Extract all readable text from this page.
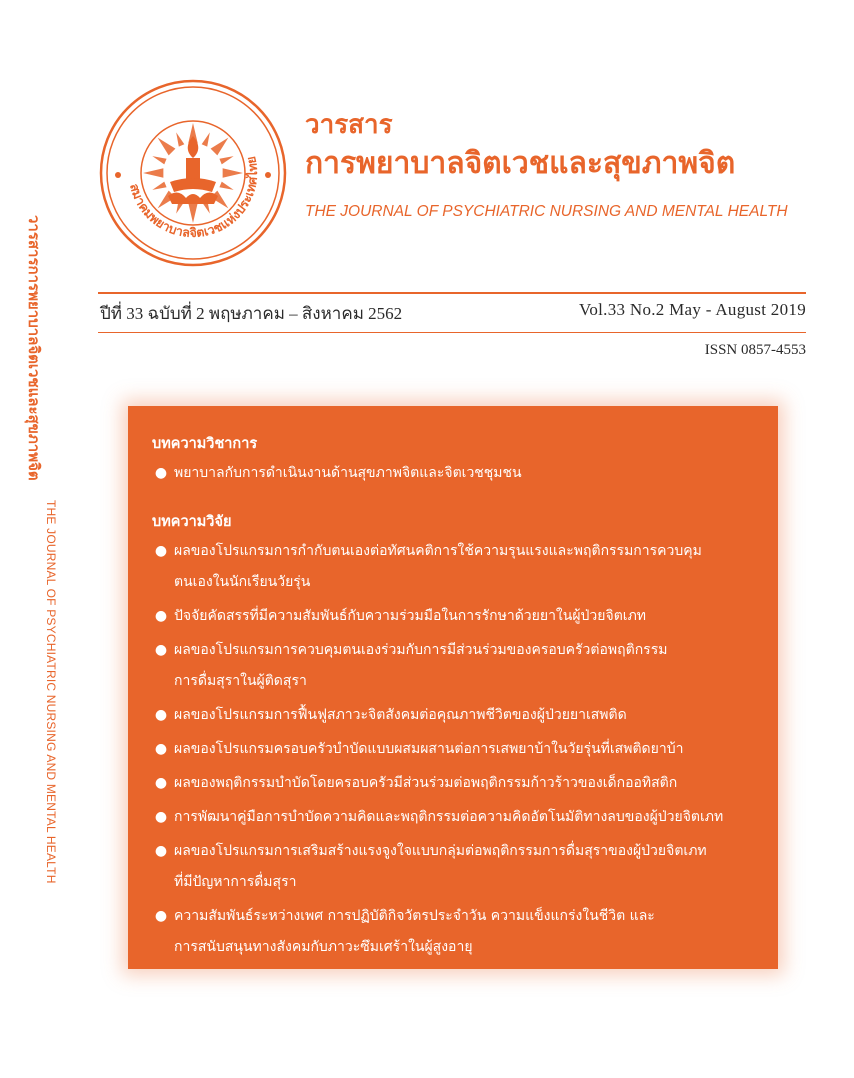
วารสารการพยาบาลจิตเวชและสุขภาพจิต
THE JOURNAL OF PSYCHIATRIC NURSING AND MENTAL HEALTH
สมาคมพยาบาลจิตเวชแห่งประเทศไทย
วารสาร
การพยาบาลจิตเวชและสุขภาพจิต
THE JOURNAL OF PSYCHIATRIC NURSING AND MENTAL HEALTH
ปีที่ 33 ฉบับที่ 2 พฤษภาคม – สิงหาคม 2562	Vol.33 No.2 May - August 2019
ISSN 0857-4553
บทความวิชาการ
● พยาบาลกับการดำเนินงานด้านสุขภาพจิตและจิตเวชชุมชน
บทความวิจัย
● ผลของโปรแกรมการกำกับตนเองต่อทัศนคติการใช้ความรุนแรงและพฤติกรรมการควบคุม
ตนเองในนักเรียนวัยรุ่น
● ปัจจัยคัดสรรที่มีความสัมพันธ์กับความร่วมมือในการรักษาด้วยยาในผู้ป่วยจิตเภท
● ผลของโปรแกรมการควบคุมตนเองร่วมกับการมีส่วนร่วมของครอบครัวต่อพฤติกรรม
การดื่มสุราในผู้ติดสุรา
● ผลของโปรแกรมการฟื้นฟูสภาวะจิตสังคมต่อคุณภาพชีวิตของผู้ป่วยยาเสพติด
● ผลของโปรแกรมครอบครัวบำบัดแบบผสมผสานต่อการเสพยาบ้าในวัยรุ่นที่เสพติดยาบ้า
● ผลของพฤติกรรมบำบัดโดยครอบครัวมีส่วนร่วมต่อพฤติกรรมก้าวร้าวของเด็กออทิสติก
● การพัฒนาคู่มือการบำบัดความคิดและพฤติกรรมต่อความคิดอัตโนมัติทางลบของผู้ป่วยจิตเภท
● ผลของโปรแกรมการเสริมสร้างแรงจูงใจแบบกลุ่มต่อพฤติกรรมการดื่มสุราของผู้ป่วยจิตเภท
ที่มีปัญหาการดื่มสุรา
● ความสัมพันธ์ระหว่างเพศ การปฏิบัติกิจวัตรประจำวัน ความแข็งแกร่งในชีวิต และ
การสนับสนุนทางสังคมกับภาวะซึมเศร้าในผู้สูงอายุ
